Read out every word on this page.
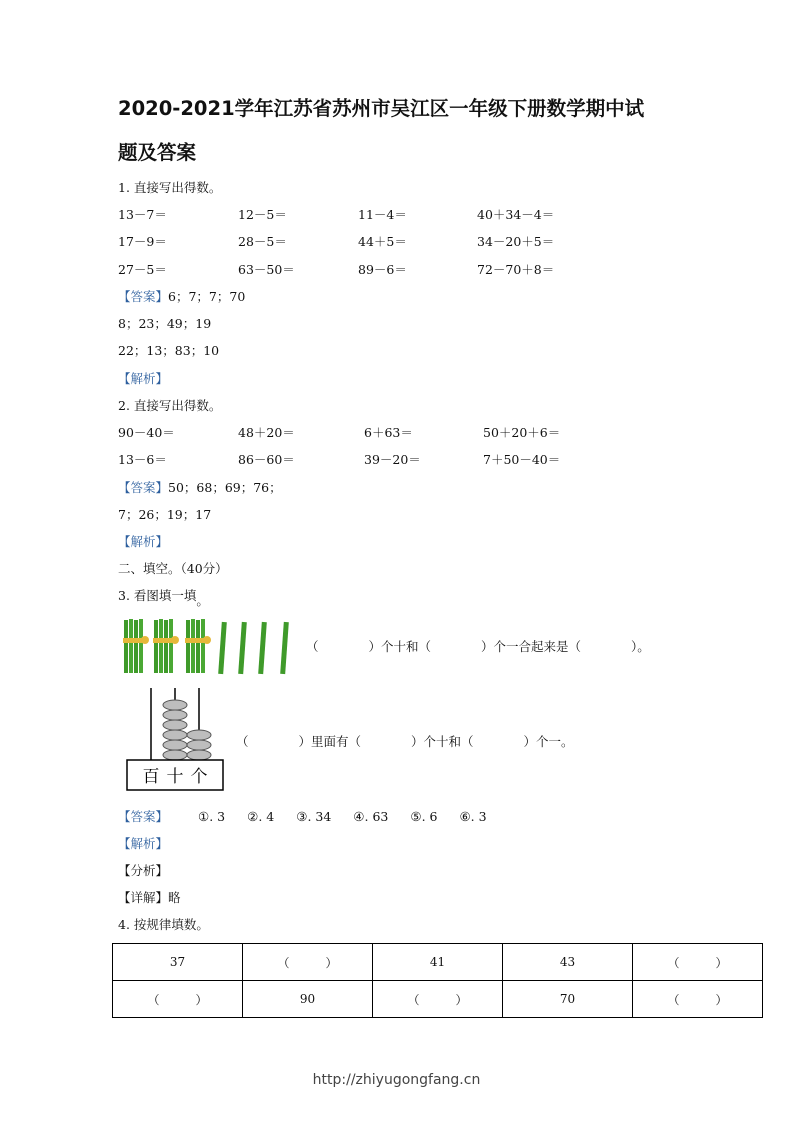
2020-2021学年江苏省苏州市吴江区一年级下册数学期中试
题及答案
1. 直接写出得数。
13－7＝	12－5＝	11－4＝	40＋34－4＝
17－9＝	28－5＝	44＋5＝	34－20＋5＝
27－5＝	63－50＝	89－6＝	72－70＋8＝
【答案】6；7；7；70
8；23；49；19
22；13；83；10
【解析】
2. 直接写出得数。
90－40＝	48＋20＝	6＋63＝	50＋20＋6＝
13－6＝	86－60＝	39－20＝	7＋50－40＝
【答案】50；68；69；76；
7；26；19；17
【解析】
二、填空。（40分）
3. 看图填一填。
（　　　　）个十和（　　　　）个一合起来是（　　　　）。
百 十 个
（　　　　）里面有（　　　　）个十和（　　　　）个一。
【答案】 ①. 3 ②. 4 ③. 34 ④. 63 ⑤. 6 ⑥. 3
【解析】
【分析】
【详解】略
4. 按规律填数。
37	（　　　）	41	43	（　　　）
（　　　）	90	（　　　）	70	（　　　）
http://zhiyugongfang.cn
